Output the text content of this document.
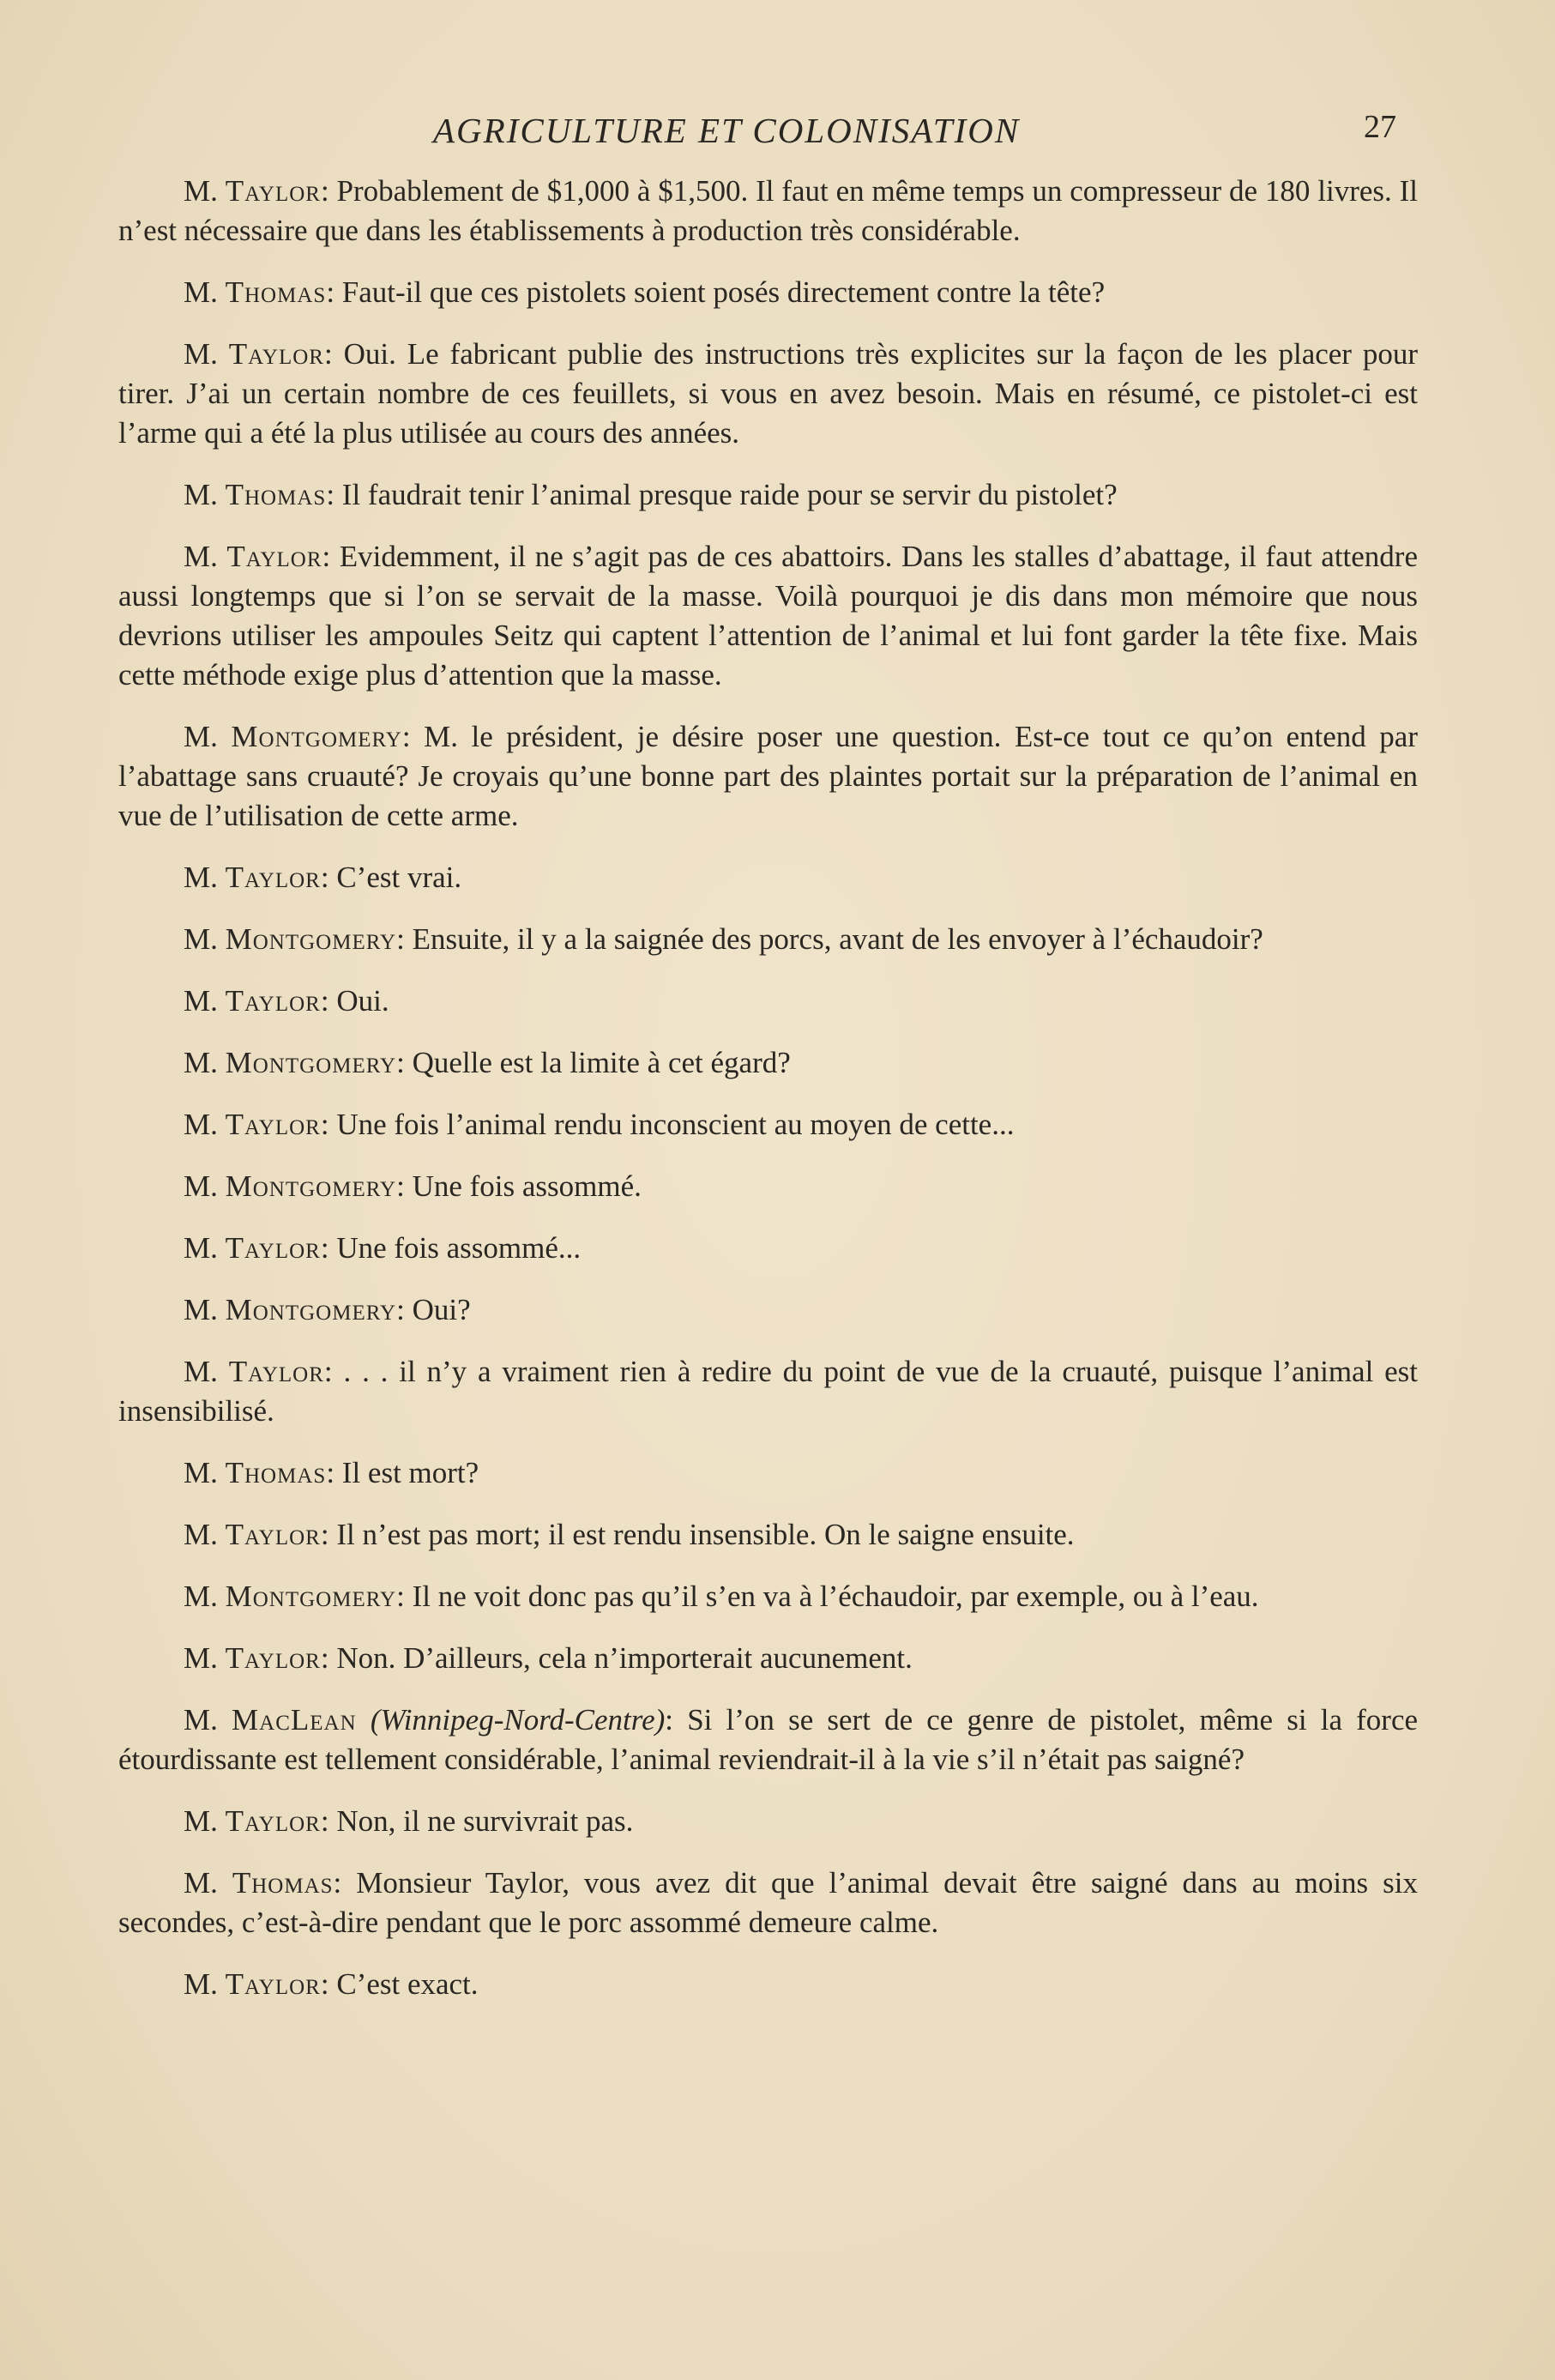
AGRICULTURE ET COLONISATION	27

M. Taylor: Probablement de $1,000 à $1,500. Il faut en même temps un compresseur de 180 livres. Il n’est nécessaire que dans les établissements à production très considérable.

M. Thomas: Faut-il que ces pistolets soient posés directement contre la tête?

M. Taylor: Oui. Le fabricant publie des instructions très explicites sur la façon de les placer pour tirer. J’ai un certain nombre de ces feuillets, si vous en avez besoin. Mais en résumé, ce pistolet-ci est l’arme qui a été la plus utilisée au cours des années.

M. Thomas: Il faudrait tenir l’animal presque raide pour se servir du pistolet?

M. Taylor: Evidemment, il ne s’agit pas de ces abattoirs. Dans les stalles d’abattage, il faut attendre aussi longtemps que si l’on se servait de la masse. Voilà pourquoi je dis dans mon mémoire que nous devrions utiliser les ampoules Seitz qui captent l’attention de l’animal et lui font garder la tête fixe. Mais cette méthode exige plus d’attention que la masse.

M. Montgomery: M. le président, je désire poser une question. Est-ce tout ce qu’on entend par l’abattage sans cruauté? Je croyais qu’une bonne part des plaintes portait sur la préparation de l’animal en vue de l’utilisation de cette arme.

M. Taylor: C’est vrai.

M. Montgomery: Ensuite, il y a la saignée des porcs, avant de les envoyer à l’échaudoir?

M. Taylor: Oui.

M. Montgomery: Quelle est la limite à cet égard?

M. Taylor: Une fois l’animal rendu inconscient au moyen de cette...

M. Montgomery: Une fois assommé.

M. Taylor: Une fois assommé...

M. Montgomery: Oui?

M. Taylor: . . . il n’y a vraiment rien à redire du point de vue de la cruauté, puisque l’animal est insensibilisé.

M. Thomas: Il est mort?

M. Taylor: Il n’est pas mort; il est rendu insensible. On le saigne ensuite.

M. Montgomery: Il ne voit donc pas qu’il s’en va à l’échaudoir, par exemple, ou à l’eau.

M. Taylor: Non. D’ailleurs, cela n’importerait aucunement.

M. MacLean (Winnipeg-Nord-Centre): Si l’on se sert de ce genre de pistolet, même si la force étourdissante est tellement considérable, l’animal reviendrait-il à la vie s’il n’était pas saigné?

M. Taylor: Non, il ne survivrait pas.

M. Thomas: Monsieur Taylor, vous avez dit que l’animal devait être saigné dans au moins six secondes, c’est-à-dire pendant que le porc assommé demeure calme.

M. Taylor: C’est exact.
